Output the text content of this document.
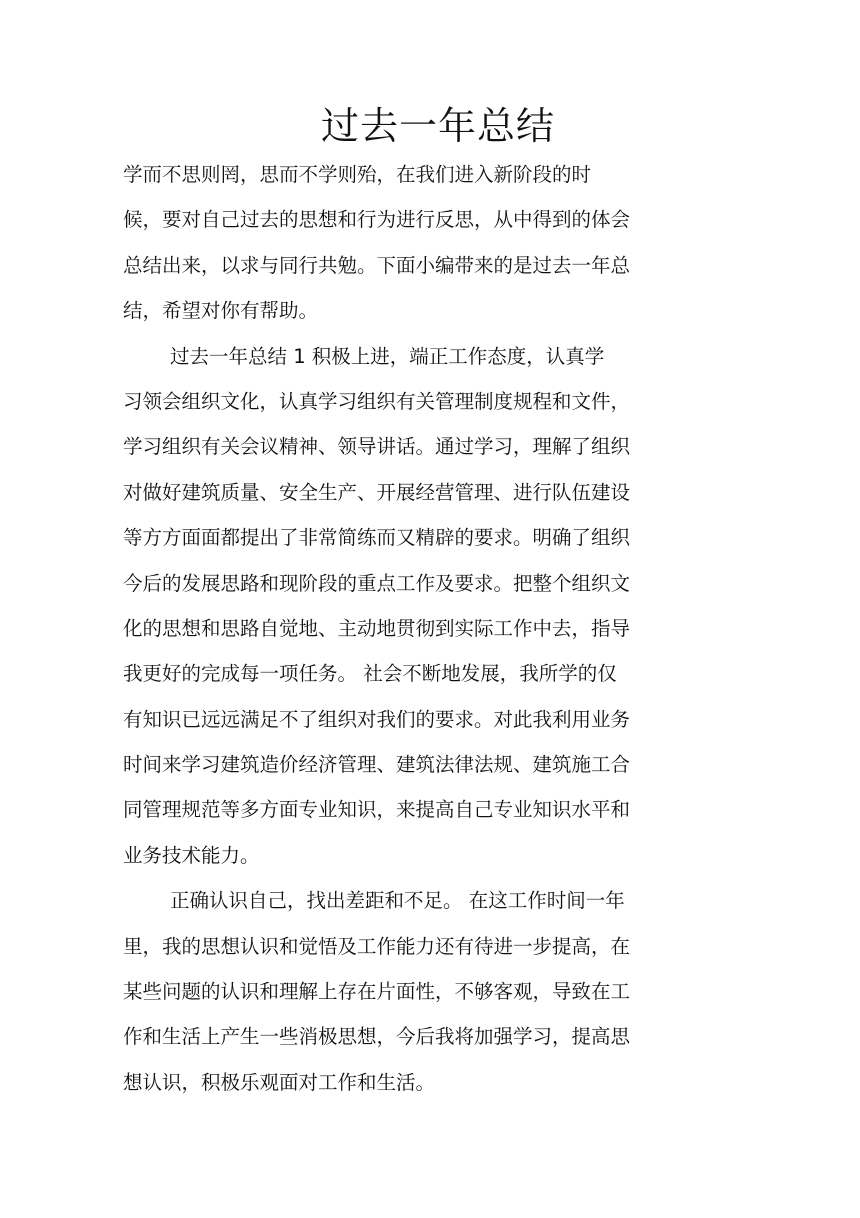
过去一年总结
学而不思则罔，思而不学则殆，在我们进入新阶段的时
候，要对自己过去的思想和行为进行反思，从中得到的体会
总结出来，以求与同行共勉。下面小编带来的是过去一年总
结，希望对你有帮助。
过去一年总结 1 积极上进，端正工作态度，认真学
习领会组织文化，认真学习组织有关管理制度规程和文件，
学习组织有关会议精神、领导讲话。通过学习，理解了组织
对做好建筑质量、安全生产、开展经营管理、进行队伍建设
等方方面面都提出了非常简练而又精辟的要求。明确了组织
今后的发展思路和现阶段的重点工作及要求。把整个组织文
化的思想和思路自觉地、主动地贯彻到实际工作中去，指导
我更好的完成每一项任务。 社会不断地发展，我所学的仅
有知识已远远满足不了组织对我们的要求。对此我利用业务
时间来学习建筑造价经济管理、建筑法律法规、建筑施工合
同管理规范等多方面专业知识，来提高自己专业知识水平和
业务技术能力。
正确认识自己，找出差距和不足。 在这工作时间一年
里，我的思想认识和觉悟及工作能力还有待进一步提高，在
某些问题的认识和理解上存在片面性，不够客观，导致在工
作和生活上产生一些消极思想，今后我将加强学习，提高思
想认识，积极乐观面对工作和生活。
